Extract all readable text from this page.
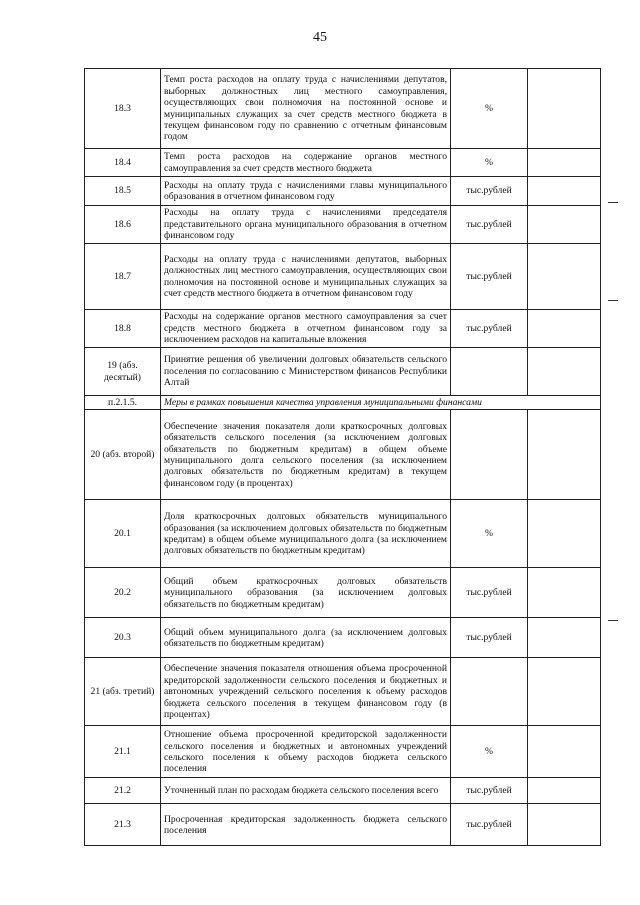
45
18.3	Темп роста расходов на оплату труда с начислениями депутатов, выборных должностных лиц местного самоуправления, осуществляющих свои полномочия на постоянной основе и муниципальных служащих за счет средств местного бюджета в текущем финансовом году по сравнению с отчетным финансовым годом	%	
18.4	Темп роста расходов на содержание органов местного самоуправления за счет средств местного бюджета	%	
18.5	Расходы на оплату труда с начислениями главы муниципального образования в отчетном финансовом году	тыс.рублей	
18.6	Расходы на оплату труда с начислениями председателя представительного органа муниципального образования в отчетном финансовом году	тыс.рублей	
18.7	Расходы на оплату труда с начислениями депутатов, выборных должностных лиц местного самоуправления, осуществляющих свои полномочия на постоянной основе и муниципальных служащих за счет средств местного бюджета в отчетном финансовом году	тыс.рублей	
18.8	Расходы на содержание органов местного самоуправления за счет средств местного бюджета в отчетном финансовом году за исключением расходов на капитальные вложения	тыс.рублей	
19 (абз. десятый)	Принятие решения об увеличении долговых обязательств сельского поселения по согласованию с Министерством финансов Республики Алтай		
п.2.1.5.	Меры в рамках повышения качества управления муниципальными финансами		
20 (абз. второй)	Обеспечение значения показателя доли краткосрочных долговых обязательств сельского поселения (за исключением долговых обязательств по бюджетным кредитам) в общем объеме муниципального долга сельского поселения (за исключением долговых обязательств по бюджетным кредитам) в текущем финансовом году (в процентах)		
20.1	Доля краткосрочных долговых обязательств муниципального образования (за исключением долговых обязательств по бюджетным кредитам) в общем объеме муниципального долга (за исключением долговых обязательств по бюджетным кредитам)	%	
20.2	Общий объем краткосрочных долговых обязательств муниципального образования (за исключением долговых обязательств по бюджетным кредитам)	тыс.рублей	
20.3	Общий объем муниципального долга (за исключением долговых обязательств по бюджетным кредитам)	тыс.рублей	
21 (абз. третий)	Обеспечение значения показателя отношения объема просроченной кредиторской задолженности сельского поселения и бюджетных и автономных учреждений сельского поселения к объему расходов бюджета сельского поселения в текущем финансовом году (в процентах)		
21.1	Отношение объема просроченной кредиторской задолженности сельского поселения и бюджетных и автономных учреждений сельского поселения к объему расходов бюджета сельского поселения	%	
21.2	Уточненный план по расходам бюджета сельского поселения всего	тыс.рублей	
21.3	Просроченная кредиторская задолженность бюджета сельского поселения	тыс.рублей	
